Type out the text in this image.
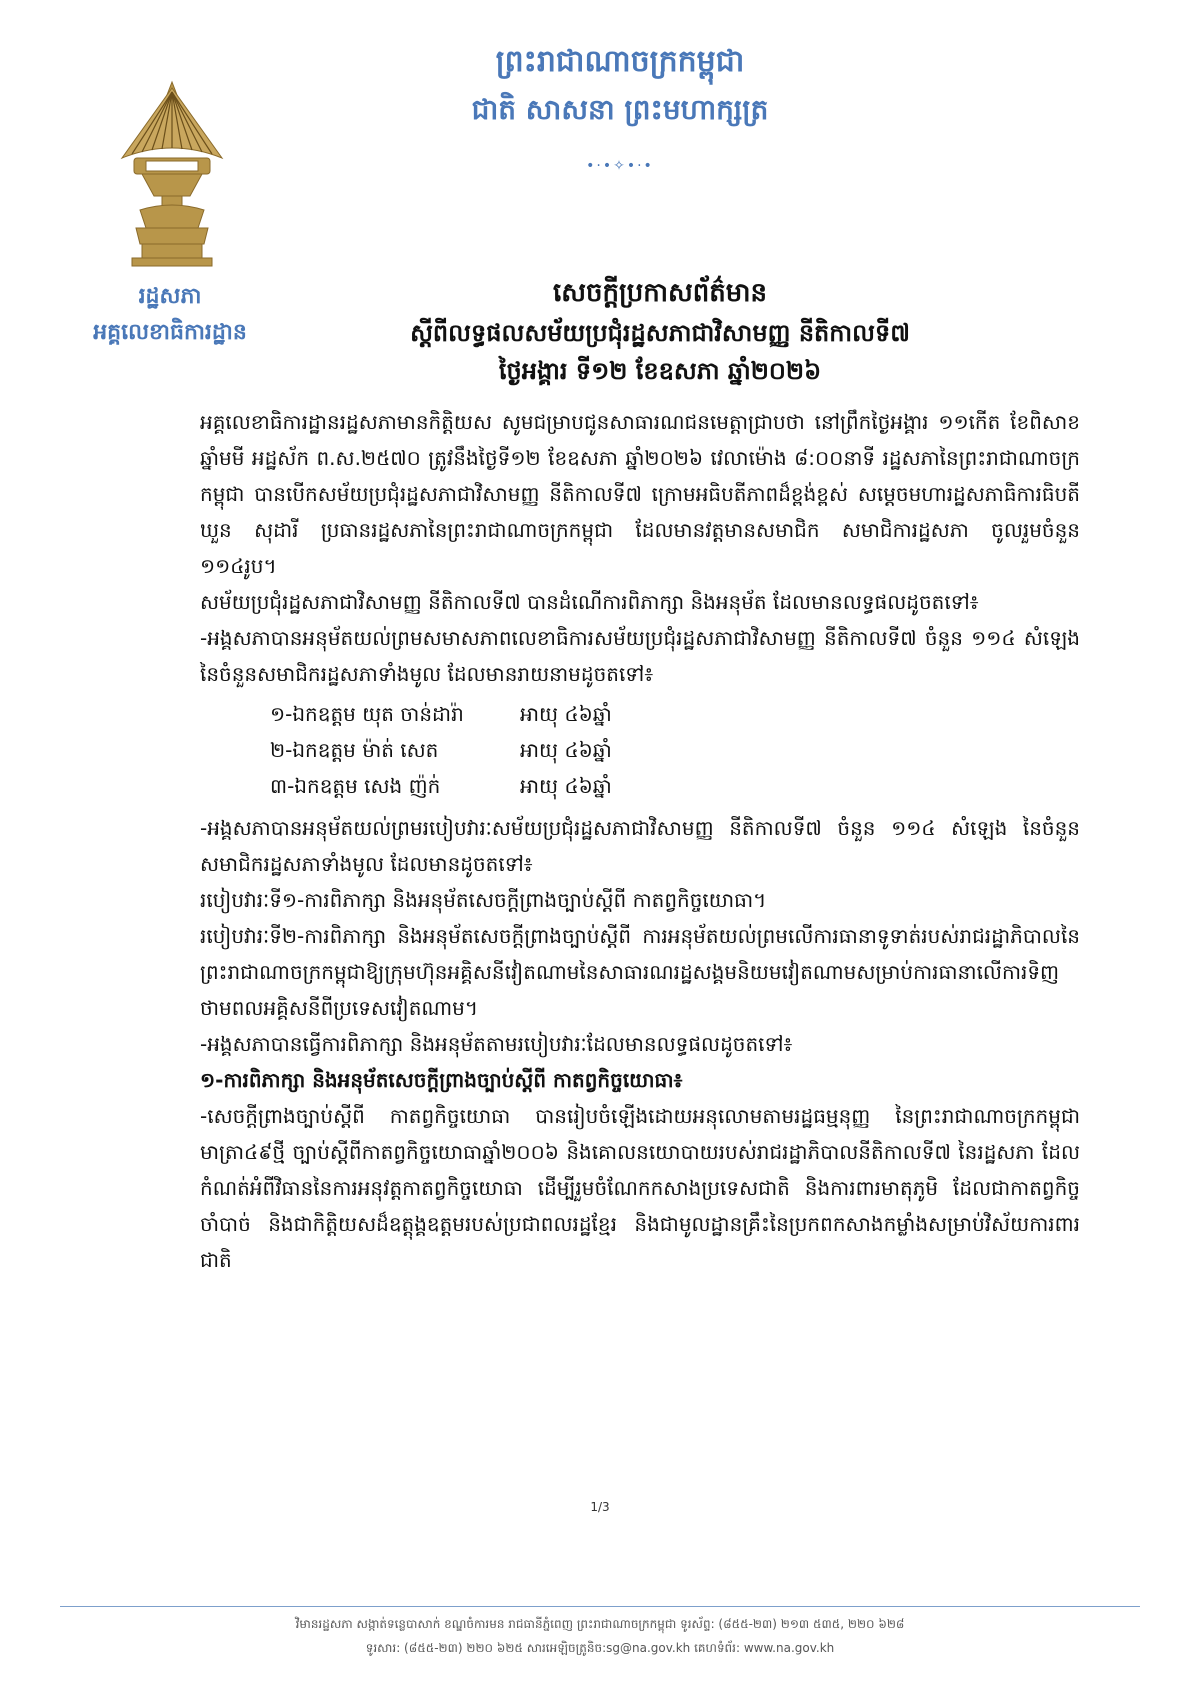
ព្រះរាជាណាចក្រកម្ពុជា
ជាតិ សាសនា ព្រះមហាក្សត្រ
•·•✧•·•
រដ្ឋសភា
អគ្គលេខាធិការដ្ឋាន
សេចក្តីប្រកាសព័ត៌មាន
ស្តីពីលទ្ធផលសម័យប្រជុំរដ្ឋសភាជាវិសាមញ្ញ នីតិកាលទី៧
ថ្ងៃអង្គារ ទី១២ ខែឧសភា ឆ្នាំ២០២៦

អគ្គលេខាធិការដ្ឋានរដ្ឋសភាមានកិត្តិយស សូមជម្រាបជូនសាធារណជនមេត្តាជ្រាបថា នៅព្រឹកថ្ងៃអង្គារ ១១កើត ខែពិសាខ ឆ្នាំមមី អដ្ឋស័ក ព.ស.២៥៧០ ត្រូវនឹងថ្ងៃទី១២ ខែឧសភា ឆ្នាំ២០២៦ វេលាម៉ោង ៨:០០នាទី រដ្ឋសភានៃព្រះរាជាណាចក្រកម្ពុជា បានបើកសម័យប្រជុំរដ្ឋសភាជាវិសាមញ្ញ នីតិកាលទី៧ ក្រោមអធិបតីភាពដ៏ខ្ពង់ខ្ពស់ សម្តេចមហារដ្ឋសភាធិការធិបតី ឃួន សុដារី ប្រធានរដ្ឋសភានៃព្រះរាជាណាចក្រកម្ពុជា ដែលមានវត្តមានសមាជិក សមាជិការដ្ឋសភា ចូលរួមចំនួន ១១៤រូប។

សម័យប្រជុំរដ្ឋសភាជាវិសាមញ្ញ នីតិកាលទី៧ បានដំណើការពិភាក្សា និងអនុម័ត ដែលមានលទ្ធផលដូចតទៅ៖

-អង្គសភាបានអនុម័តយល់ព្រមសមាសភាពលេខាធិការសម័យប្រជុំរដ្ឋសភាជាវិសាមញ្ញ នីតិកាលទី៧ ចំនួន ១១៤ សំឡេង នៃចំនួនសមាជិករដ្ឋសភាទាំងមូល ដែលមានរាយនាមដូចតទៅ៖

១-ឯកឧត្តម យុត ចាន់ដារ៉ា	អាយុ ៤៦ឆ្នាំ
២-ឯកឧត្តម ម៉ាត់ សេត	អាយុ ៤៦ឆ្នាំ
៣-ឯកឧត្តម សេង ញ៉ក់	អាយុ ៤៦ឆ្នាំ

-អង្គសភាបានអនុម័តយល់ព្រមរបៀបវារៈសម័យប្រជុំរដ្ឋសភាជាវិសាមញ្ញ នីតិកាលទី៧ ចំនួន ១១៤ សំឡេង នៃចំនួនសមាជិករដ្ឋសភាទាំងមូល ដែលមានដូចតទៅ៖

របៀបវារៈទី១-ការពិភាក្សា និងអនុម័តសេចក្តីព្រាងច្បាប់ស្តីពី កាតព្វកិច្ចយោធា។

របៀបវារៈទី២-ការពិភាក្សា និងអនុម័តសេចក្តីព្រាងច្បាប់ស្តីពី ការអនុម័តយល់ព្រមលើការធានាទូទាត់របស់រាជរដ្ឋាភិបាលនៃព្រះរាជាណាចក្រកម្ពុជាឱ្យក្រុមហ៊ុនអគ្គិសនីវៀតណាមនៃសាធារណរដ្ឋសង្គមនិយមវៀតណាមសម្រាប់ការធានាលើការទិញថាមពលអគ្គិសនីពីប្រទេសវៀតណាម។

-អង្គសភាបានធ្វើការពិភាក្សា និងអនុម័តតាមរបៀបវារៈដែលមានលទ្ធផលដូចតទៅ៖

១-ការពិភាក្សា និងអនុម័តសេចក្តីព្រាងច្បាប់ស្តីពី កាតព្វកិច្ចយោធា៖

-សេចក្តីព្រាងច្បាប់ស្តីពី កាតព្វកិច្ចយោធា បានរៀបចំឡើងដោយអនុលោមតាមរដ្ឋធម្មនុញ្ញ នៃព្រះរាជាណាចក្រកម្ពុជា មាត្រា៤៩ថ្មី ច្បាប់ស្តីពីកាតព្វកិច្ចយោធាឆ្នាំ២០០៦ និងគោលនយោបាយរបស់រាជរដ្ឋាភិបាលនីតិកាលទី៧ នៃរដ្ឋសភា ដែលកំណត់អំពីវិធាននៃការអនុវត្តកាតព្វកិច្ចយោធា ដើម្បីរួមចំណែកកសាងប្រទេសជាតិ និងការពារមាតុភូមិ ដែលជាកាតព្វកិច្ចចាំបាច់ និងជាកិត្តិយសដ៏ឧត្តុង្គឧត្តមរបស់ប្រជាពលរដ្ឋខ្មែរ និងជាមូលដ្ឋានគ្រឹះនៃប្រកពកសាងកម្លាំងសម្រាប់វិស័យការពារជាតិ

1/3
វិមានរដ្ឋសភា សង្កាត់ទន្លេបាសាក់ ខណ្ឌចំការមន រាជធានីភ្នំពេញ ព្រះរាជាណាចក្រកម្ពុជា ទូរស័ព្ទ: (៨៥៥-២៣) ២១៣ ៥៣៥, ២២០ ៦២៨
ទូរសារ: (៨៥៥-២៣) ២២០ ៦២៥ សារអេឡិចត្រូនិច:sg@na.gov.kh គេហទំព័រ: www.na.gov.kh
